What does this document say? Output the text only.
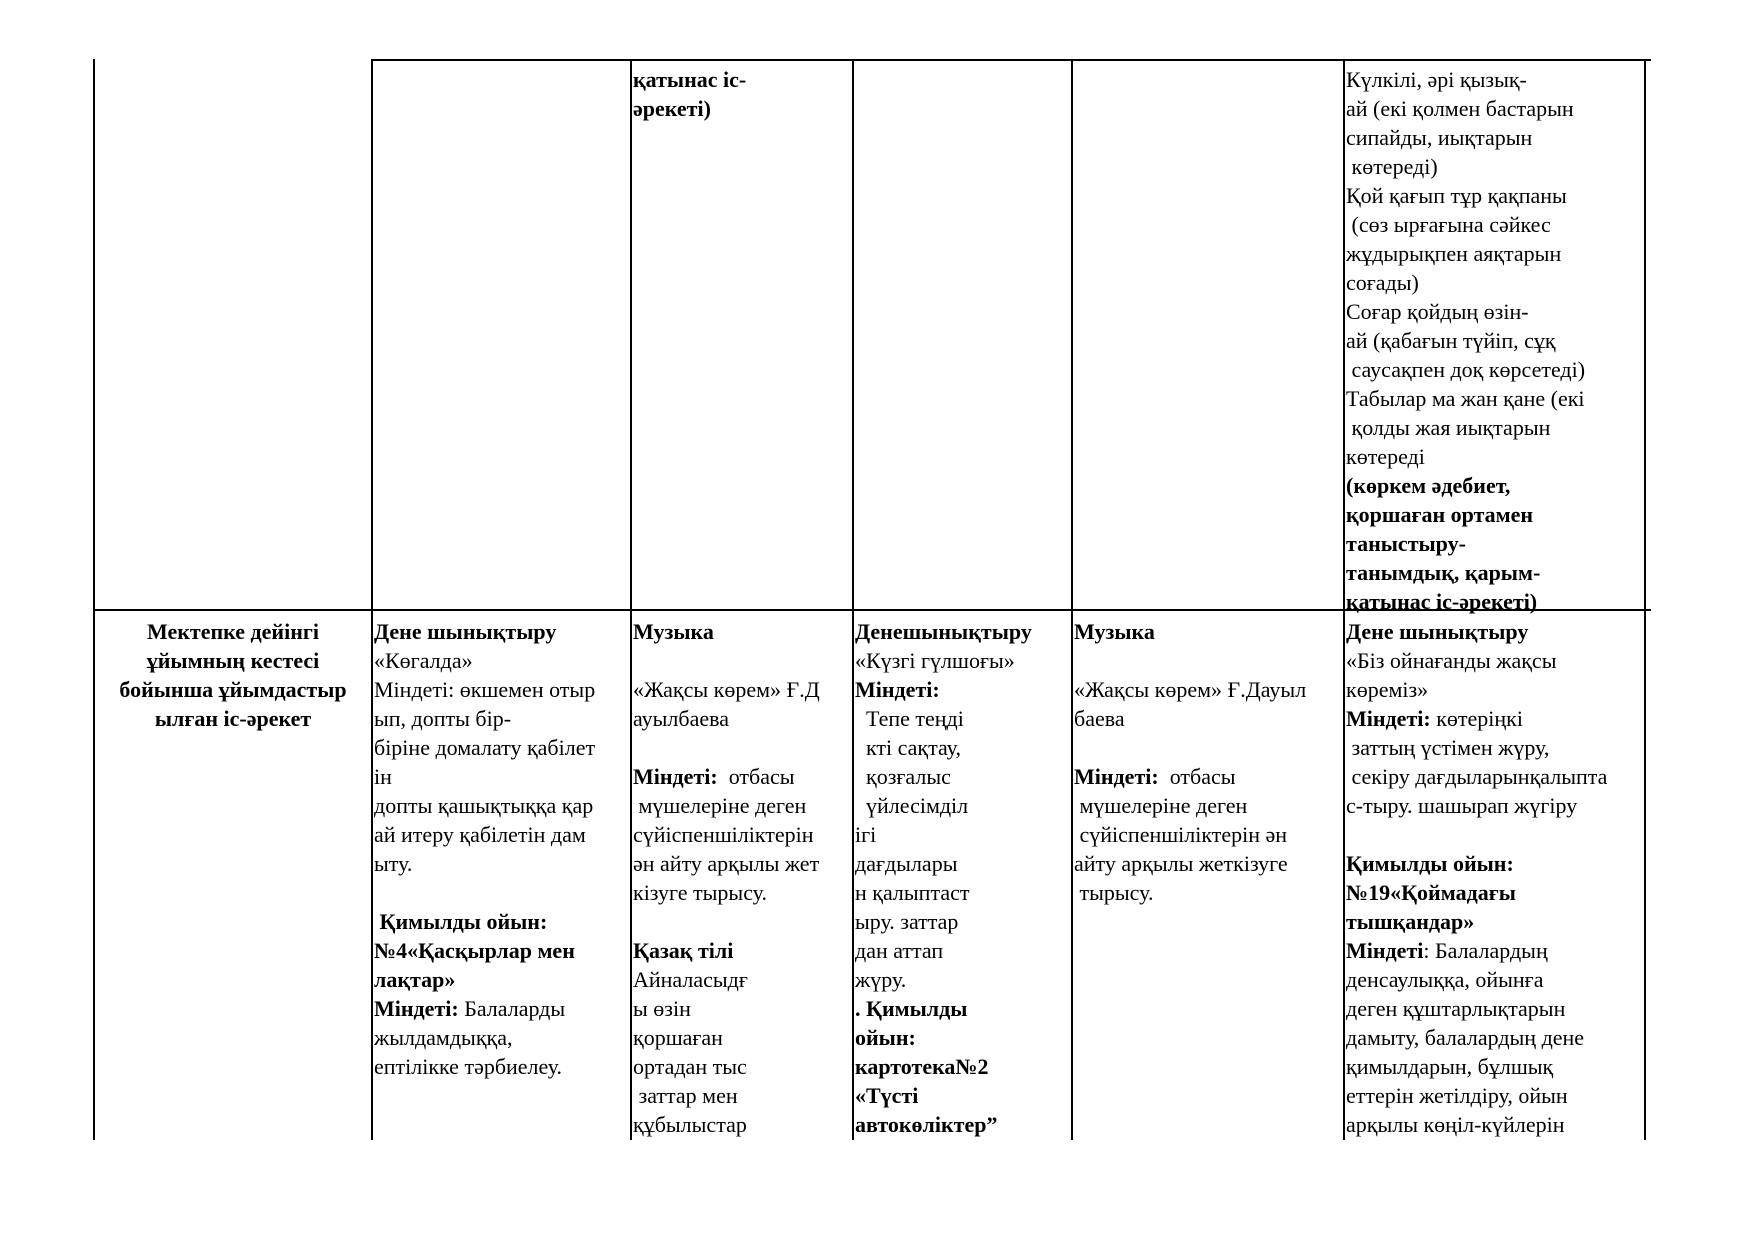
қатынас іс-
әрекеті)
Күлкілі, әрі қызық-
ай (екі қолмен бастарын
сипайды, иықтарын
көтереді)
Қой қағып тұр қақпаны
(сөз ырғағына сәйкес
жұдырықпен аяқтарын
соғады)
Соғар қойдың өзін-
ай (қабағын түйіп, сұқ
саусақпен доқ көрсетеді)
Табылар ма жан қане (екі
қолды жая иықтарын
көтереді
(көркем әдебиет,
қоршаған ортамен
таныстыру-
танымдық, қарым-
қатынас іс-әрекеті)
Мектепке дейінгі
ұйымның кестесі
бойынша ұйымдастыр
ылған іс-әрекет
Дене шынықтыру
«Көгалда»
Міндеті: өкшемен отыр
ып, допты бір-
біріне домалату қабілет
ін
допты қашықтыққа қар
ай итеру қабілетін дам
ыту.
Қимылды ойын:
№4«Қасқырлар мен
лақтар»
Міндеті: Балаларды
жылдамдыққа,
ептілікке тәрбиелеу.
Музыка
«Жақсы көрем» Ғ.Д
ауылбаева
Міндеті:  отбасы
мүшелеріне деген
сүйіспеншіліктерін
ән айту арқылы жет
кізуге тырысу.
Қазақ тілі
Айналасыдғ
ы өзін
қоршаған
ортадан тыс
заттар мен
құбылыстар
Денешынықтыру
«Күзгі гүлшоғы»
Міндеті:
Тепе теңді
кті сақтау,
қозғалыс
үйлесімділ
ігі
дағдылары
н қалыптаст
ыру. заттар
дан аттап
жүру.
. Қимылды
ойын:
картотека№2
«Түсті
автокөліктер”
Музыка
«Жақсы көрем» Ғ.Дауыл
баева
Міндеті:  отбасы
мүшелеріне деген
сүйіспеншіліктерін ән
айту арқылы жеткізуге
тырысу.
Дене шынықтыру
«Біз ойнағанды жақсы
көреміз»
Міндеті: көтеріңкі
заттың үстімен жүру,
секіру дағдыларынқалыпта
с-тыру. шашырап жүгіру
Қимылды ойын:
№19«Қоймадағы
тышқандар»
Міндеті: Балалардың
денсаулыққа, ойынға
деген құштарлықтарын
дамыту, балалардың дене
қимылдарын, бұлшық
еттерін жетілдіру, ойын
арқылы көңіл-күйлерін
